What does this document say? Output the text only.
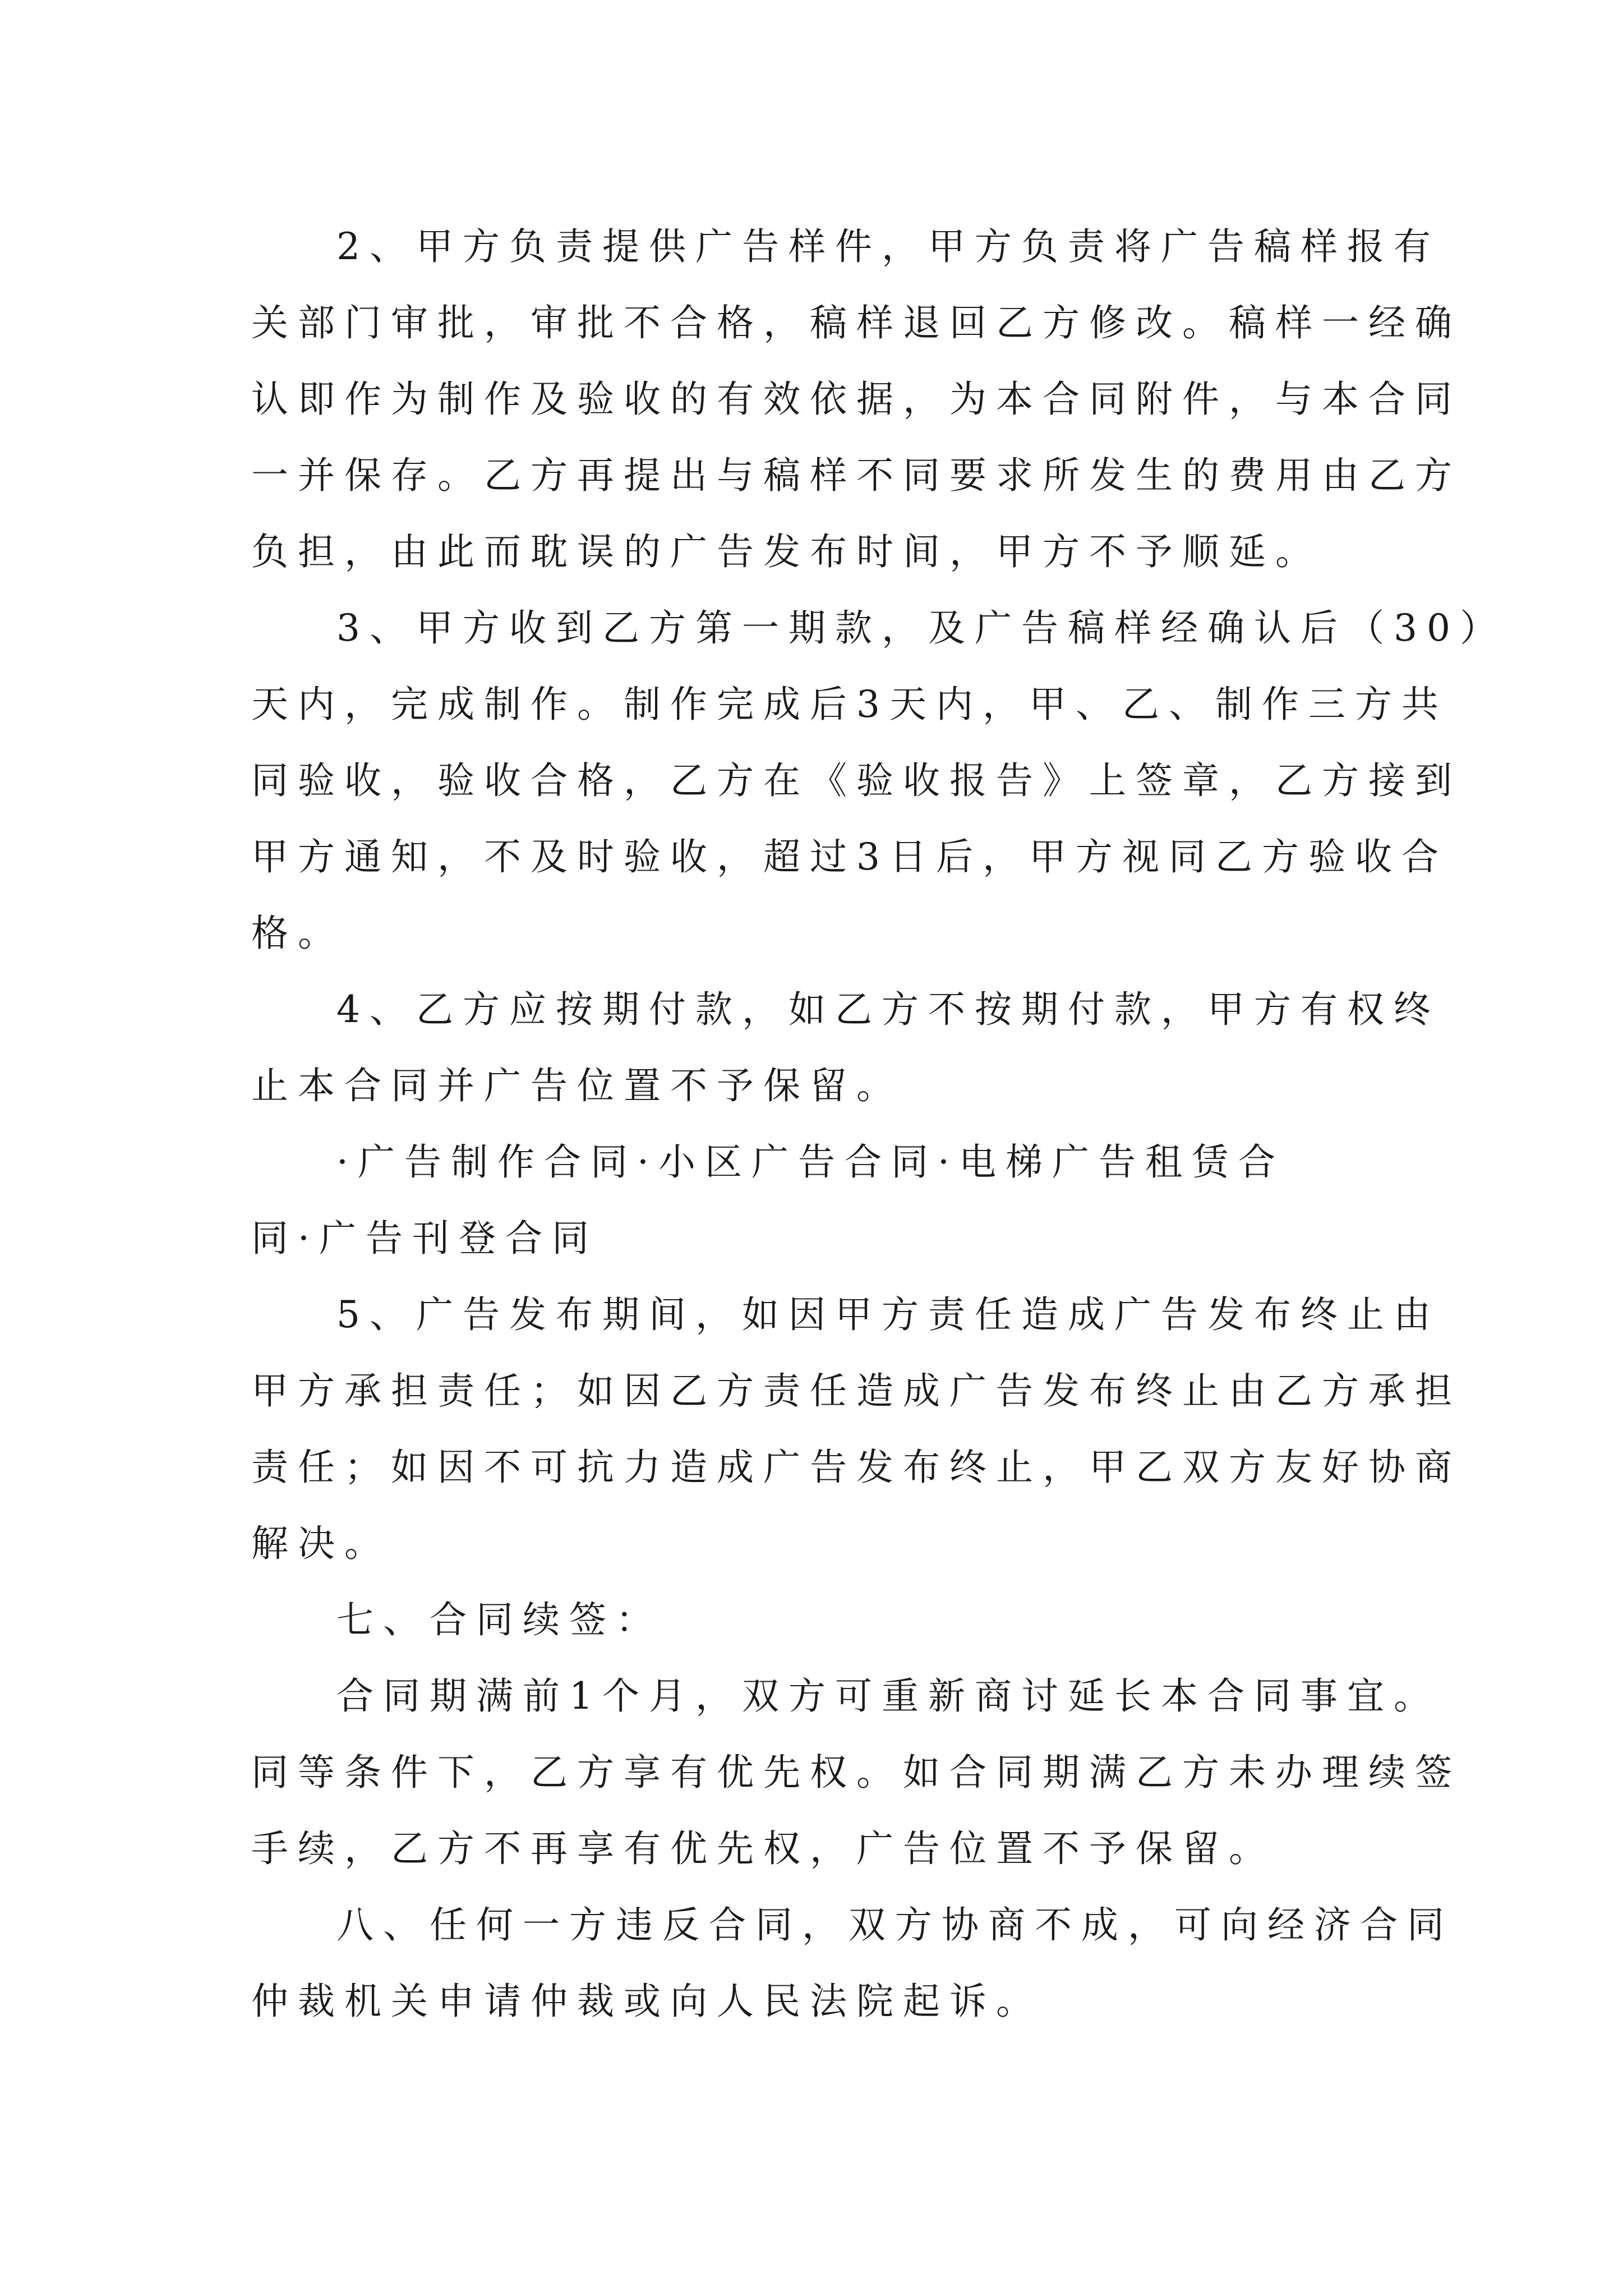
2、甲方负责提供广告样件，甲方负责将广告稿样报有
关部门审批，审批不合格，稿样退回乙方修改。稿样一经确
认即作为制作及验收的有效依据，为本合同附件，与本合同
一并保存。乙方再提出与稿样不同要求所发生的费用由乙方
负担，由此而耽误的广告发布时间，甲方不予顺延。
3、甲方收到乙方第一期款，及广告稿样经确认后（30）
天内，完成制作。制作完成后3天内，甲、乙、制作三方共
同验收，验收合格，乙方在《验收报告》上签章，乙方接到
甲方通知，不及时验收，超过3日后，甲方视同乙方验收合
格。
4、乙方应按期付款，如乙方不按期付款，甲方有权终
止本合同并广告位置不予保留。
·广告制作合同·小区广告合同·电梯广告租赁合
同·广告刊登合同
5、广告发布期间，如因甲方责任造成广告发布终止由
甲方承担责任；如因乙方责任造成广告发布终止由乙方承担
责任；如因不可抗力造成广告发布终止，甲乙双方友好协商
解决。
七、合同续签：
合同期满前1个月，双方可重新商讨延长本合同事宜。
同等条件下，乙方享有优先权。如合同期满乙方未办理续签
手续，乙方不再享有优先权，广告位置不予保留。
八、任何一方违反合同，双方协商不成，可向经济合同
仲裁机关申请仲裁或向人民法院起诉。
